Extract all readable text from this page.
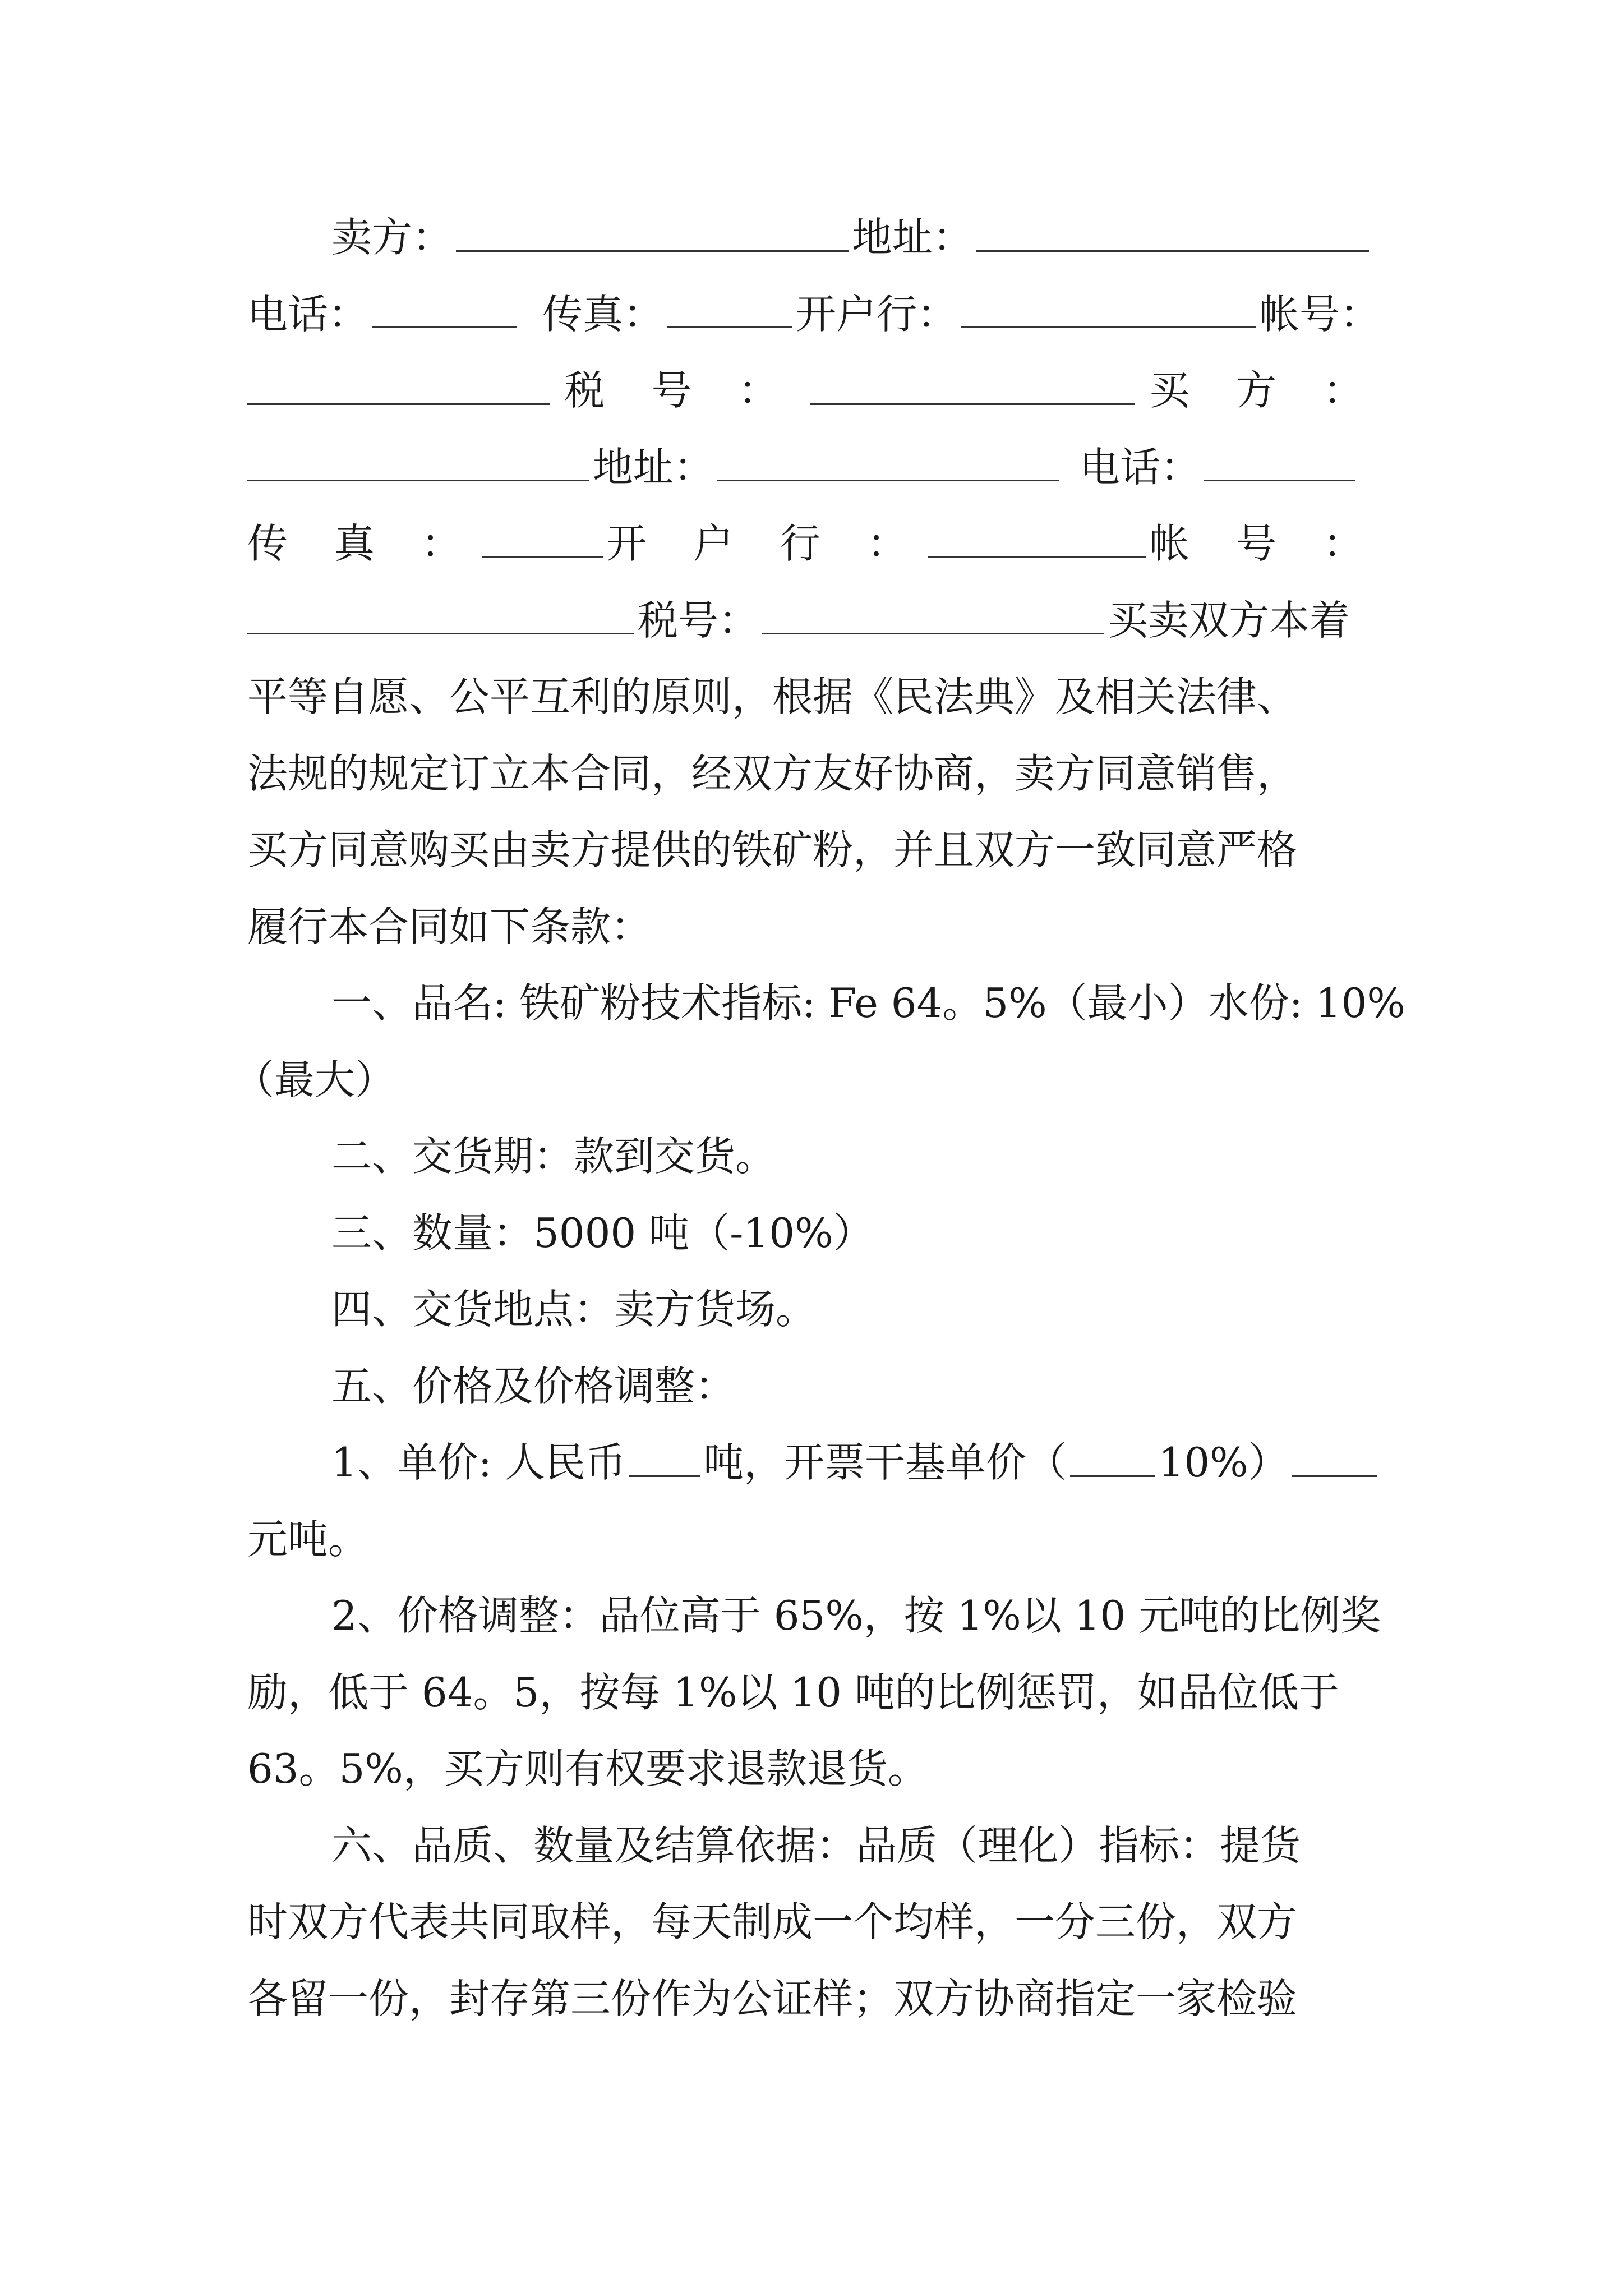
卖方：	地址：
电话：	传真：	开户行：	帐号：
税 号 ：	买 方 ：
地址：	电话：
传 真 ：	开 户 行 ：	帐 号 ：
税号：	买卖双方本着
平等自愿、公平互利的原则，根据《民法典》及相关法律、
法规的规定订立本合同，经双方友好协商，卖方同意销售，
买方同意购买由卖方提供的铁矿粉，并且双方一致同意严格
履行本合同如下条款：
一、品名: 铁矿粉技术指标: Fe 64。5%（最小）水份: 10%
（最大）
二、交货期：款到交货。
三、数量：5000 吨（-10%）
四、交货地点：卖方货场。
五、价格及价格调整：
1、单价: 人民币 吨，开票干基单价（ 10%）
元吨。
2、价格调整：品位高于 65%，按 1%以 10 元吨的比例奖
励，低于 64。5，按每 1%以 10 吨的比例惩罚，如品位低于
63。5%，买方则有权要求退款退货。
六、品质、数量及结算依据：品质（理化）指标：提货
时双方代表共同取样，每天制成一个均样，一分三份，双方
各留一份，封存第三份作为公证样；双方协商指定一家检验
